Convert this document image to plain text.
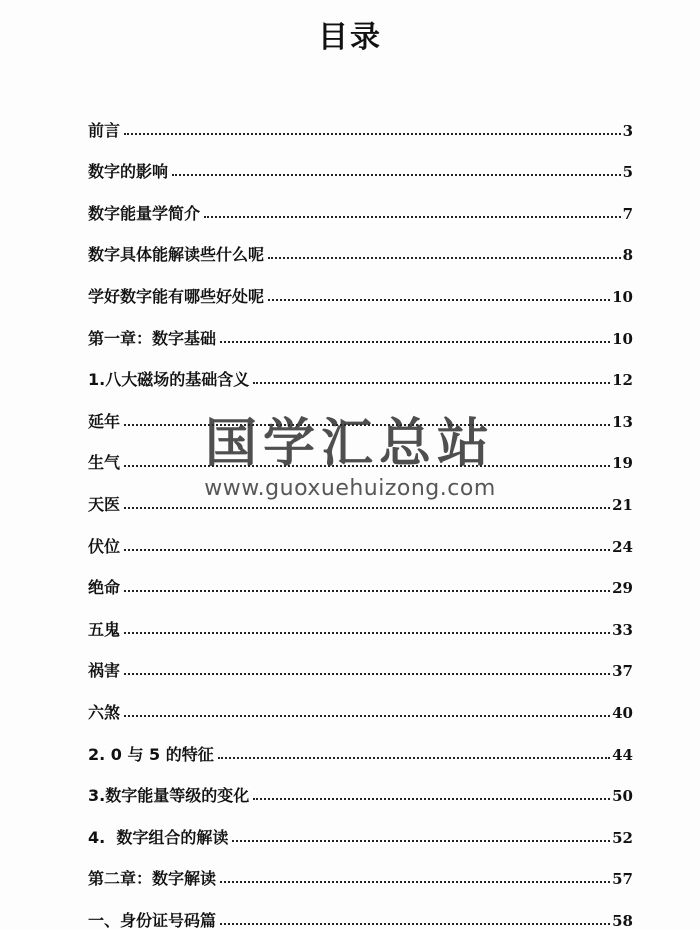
目录
前言	3
数字的影响	5
数字能量学简介	7
数字具体能解读些什么呢	8
学好数字能有哪些好处呢	10
第一章：数字基础	10
1.八大磁场的基础含义	12
延年	13
生气	19
天医	21
伏位	24
绝命	29
五鬼	33
祸害	37
六煞	40
2. 0 与 5 的特征	44
3.数字能量等级的变化	50
4.  数字组合的解读	52
第二章：数字解读	57
一、身份证号码篇	58
国学汇总站
www.guoxuehuizong.com
